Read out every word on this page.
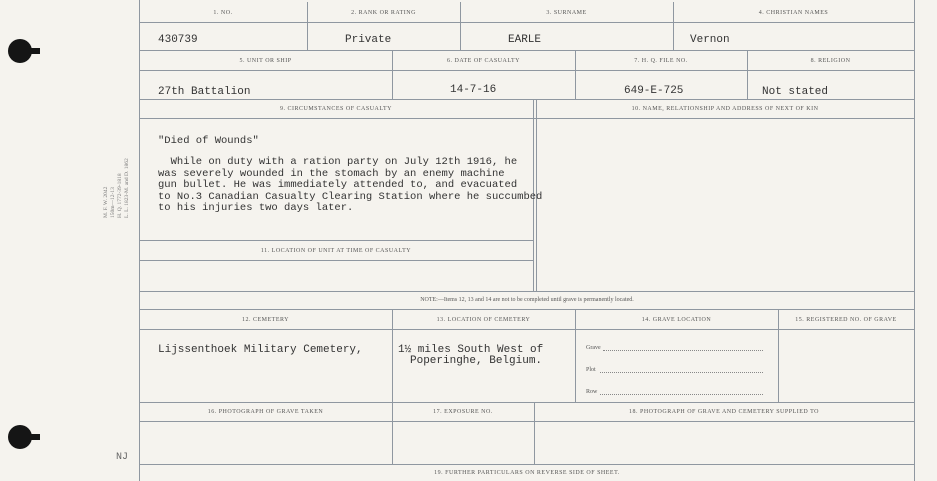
M. F. W. 2042 150m—12-13 H. Q. 1772-39-1818 L. L. 1823-M. and D. 1862
NJ
1. NO.	2. RANK OR RATING	3. SURNAME	4. CHRISTIAN NAMES
430739	Private	EARLE	Vernon
5. UNIT OR SHIP	6. DATE OF CASUALTY	7. H. Q. FILE NO.	8. RELIGION
27th Battalion	14-7-16	649-E-725	Not stated
9. CIRCUMSTANCES OF CASUALTY	10. NAME, RELATIONSHIP AND ADDRESS OF NEXT OF KIN
"Died of Wounds"
While on duty with a ration party on July 12th 1916, he
was severely wounded in the stomach by an enemy machine
gun bullet. He was immediately attended to, and evacuated
to No.3 Canadian Casualty Clearing Station where he succumbed
to his injuries two days later.
11. LOCATION OF UNIT AT TIME OF CASUALTY
NOTE:—Items 12, 13 and 14 are not to be completed until grave is permanently located.
12. CEMETERY	13. LOCATION OF CEMETERY	14. GRAVE LOCATION	15. REGISTERED NO. OF GRAVE
Lijssenthoek Military Cemetery,	1½ miles South West of
Poperinghe, Belgium.
Grave
Plot
Row
16. PHOTOGRAPH OF GRAVE TAKEN	17. EXPOSURE NO.	18. PHOTOGRAPH OF GRAVE AND CEMETERY SUPPLIED TO
19. FURTHER PARTICULARS ON REVERSE SIDE OF SHEET.
